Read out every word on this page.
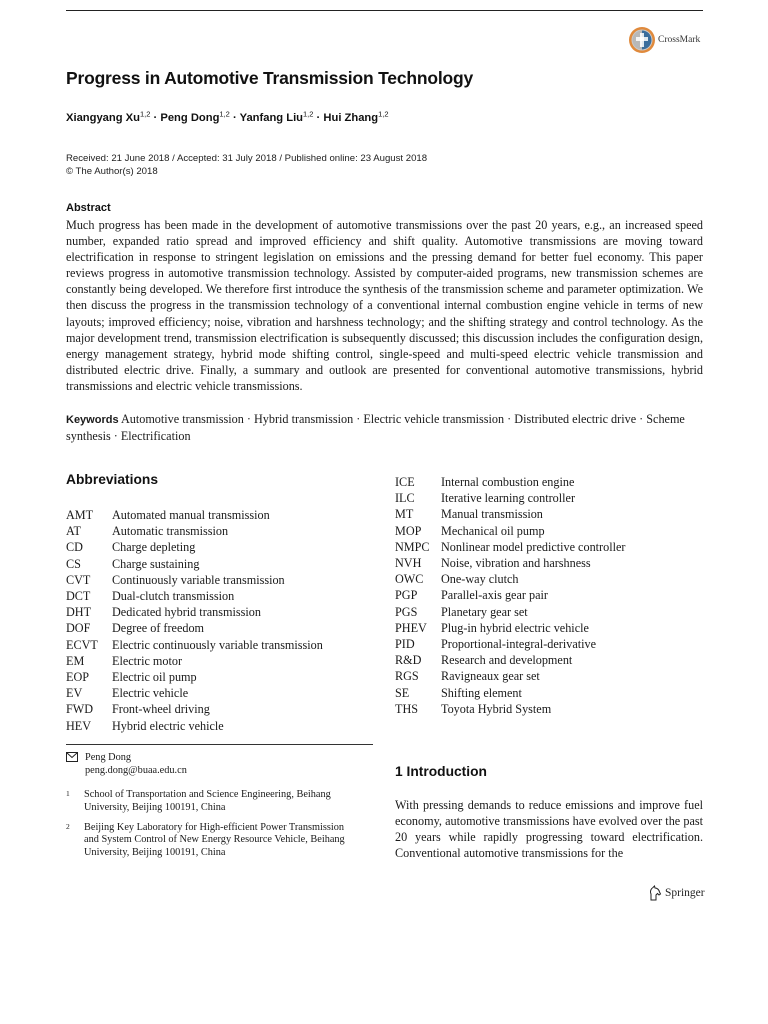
CrossMark
Progress in Automotive Transmission Technology
Xiangyang Xu$^{1,2}$ · Peng Dong$^{1,2}$ · Yanfang Liu$^{1,2}$ · Hui Zhang$^{1,2}$
Received: 21 June 2018 / Accepted: 31 July 2018 / Published online: 23 August 2018
© The Author(s) 2018
Abstract

Much progress has been made in the development of automotive transmissions over the past 20 years, e.g., an increased speed number, expanded ratio spread and improved efficiency and shift quality. Automotive transmissions are moving toward electrification in response to stringent legislation on emissions and the pressing demand for better fuel economy. This paper reviews progress in automotive transmission technology. Assisted by computer-aided programs, new transmission schemes are constantly being developed. We therefore first introduce the synthesis of the transmission scheme and parameter optimization. We then discuss the progress in the transmission technology of a conventional internal combustion engine vehicle in terms of new layouts; improved efficiency; noise, vibration and harshness technology; and the shifting strategy and control technology. As the major development trend, transmission electrification is subsequently discussed; this discussion includes the configuration design, energy management strategy, hybrid mode shifting control, single-speed and multi-speed electric vehicle transmission and distributed electric drive. Finally, a summary and outlook are presented for conventional automotive transmissions, hybrid transmissions and electric vehicle transmissions.

Keywords Automotive transmission · Hybrid transmission · Electric vehicle transmission · Distributed electric drive · Scheme synthesis · Electrification

Abbreviations
AMT	Automated manual transmission
AT	Automatic transmission
CD	Charge depleting
CS	Charge sustaining
CVT	Continuously variable transmission
DCT	Dual-clutch transmission
DHT	Dedicated hybrid transmission
DOF	Degree of freedom
ECVT	Electric continuously variable transmission
EM	Electric motor
EOP	Electric oil pump
EV	Electric vehicle
FWD	Front-wheel driving
HEV	Hybrid electric vehicle
ICE	Internal combustion engine
ILC	Iterative learning controller
MT	Manual transmission
MOP	Mechanical oil pump
NMPC Nonlinear model predictive controller
NVH	Noise, vibration and harshness
OWC	One-way clutch
PGP	Parallel-axis gear pair
PGS	Planetary gear set
PHEV	Plug-in hybrid electric vehicle
PID	Proportional-integral-derivative
R&D	Research and development
RGS	Ravigneaux gear set
SE	Shifting element
THS	Toyota Hybrid System
Peng Dong
peng.dong@buaa.edu.cn
1	School of Transportation and Science Engineering, Beihang University, Beijing 100191, China
2	Beijing Key Laboratory for High-efficient Power Transmission and System Control of New Energy Resource Vehicle, Beihang University, Beijing 100191, China
1 Introduction

With pressing demands to reduce emissions and improve fuel economy, automotive transmissions have evolved over the past 20 years while rapidly progressing toward electrification. Conventional automotive transmissions for the

Springer
